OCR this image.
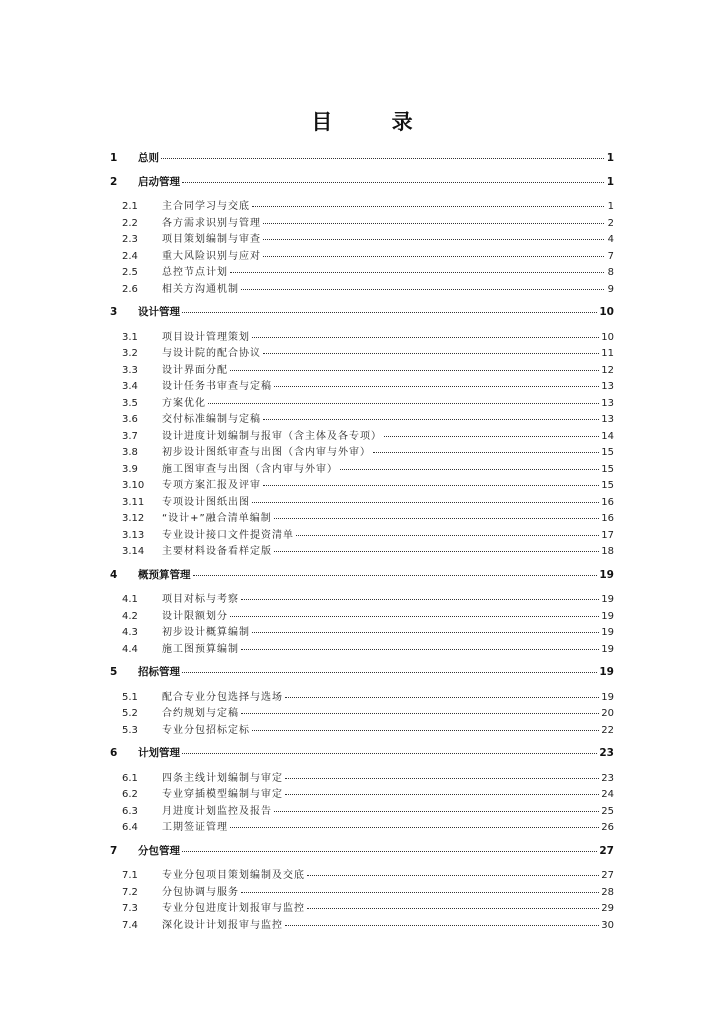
目 录
1	总则	1
2	启动管理	1
2.1	主合同学习与交底	1
2.2	各方需求识别与管理	2
2.3	项目策划编制与审查	4
2.4	重大风险识别与应对	7
2.5	总控节点计划	8
2.6	相关方沟通机制	9
3	设计管理	10
3.1	项目设计管理策划	10
3.2	与设计院的配合协议	11
3.3	设计界面分配	12
3.4	设计任务书审查与定稿	13
3.5	方案优化	13
3.6	交付标准编制与定稿	13
3.7	设计进度计划编制与报审（含主体及各专项）	14
3.8	初步设计图纸审查与出图（含内审与外审）	15
3.9	施工图审查与出图（含内审与外审）	15
3.10	专项方案汇报及评审	15
3.11	专项设计图纸出图	16
3.12	“设计+”融合清单编制	16
3.13	专业设计接口文件提资清单	17
3.14	主要材料设备看样定版	18
4	概预算管理	19
4.1	项目对标与考察	19
4.2	设计限额划分	19
4.3	初步设计概算编制	19
4.4	施工图预算编制	19
5	招标管理	19
5.1	配合专业分包选择与选场	19
5.2	合约规划与定稿	20
5.3	专业分包招标定标	22
6	计划管理	23
6.1	四条主线计划编制与审定	23
6.2	专业穿插模型编制与审定	24
6.3	月进度计划监控及报告	25
6.4	工期签证管理	26
7	分包管理	27
7.1	专业分包项目策划编制及交底	27
7.2	分包协调与服务	28
7.3	专业分包进度计划报审与监控	29
7.4	深化设计计划报审与监控	30
